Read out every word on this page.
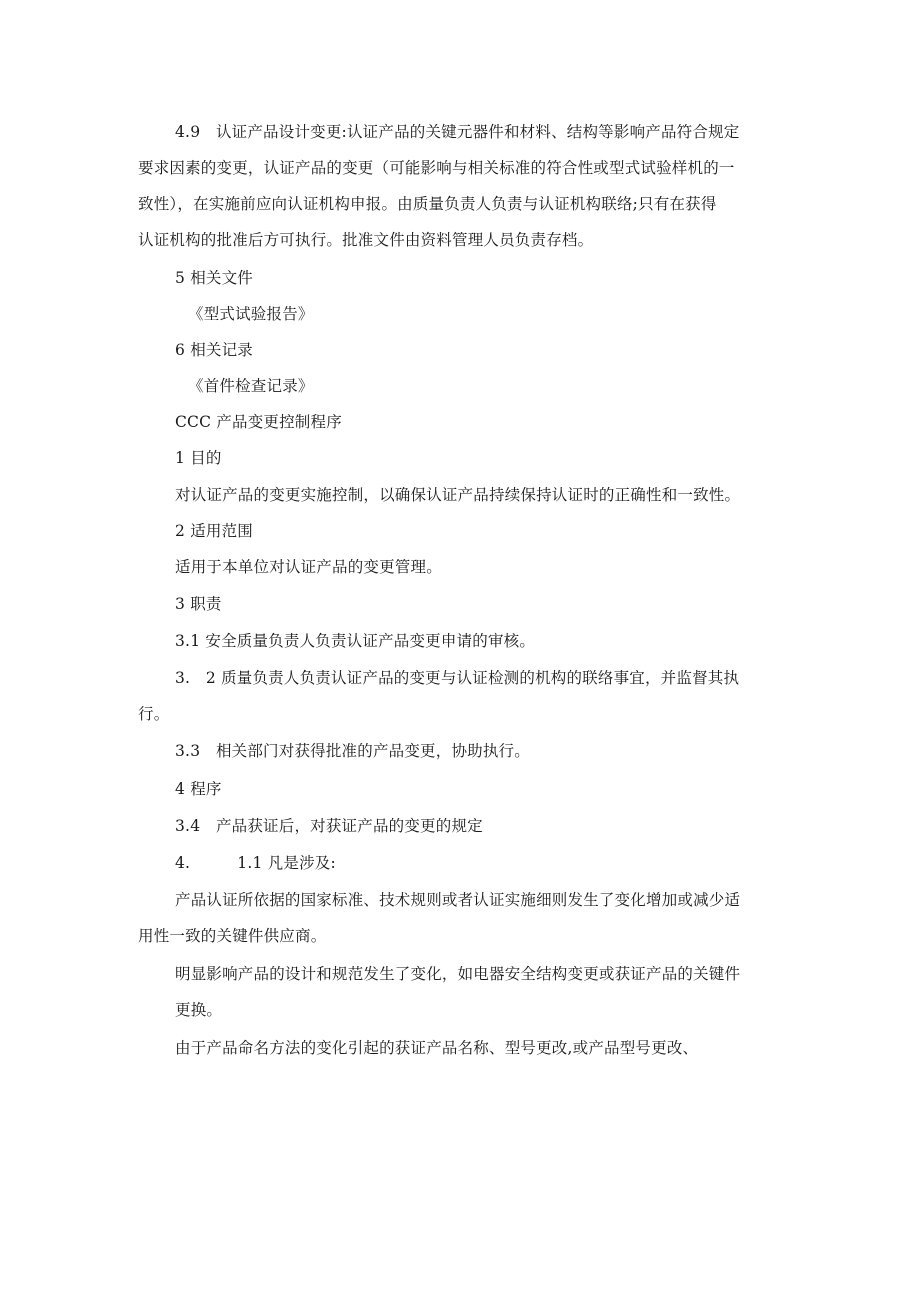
4.9　认证产品设计变更:认证产品的关键元器件和材料、结构等影响产品符合规定
要求因素的变更，认证产品的变更（可能影响与相关标准的符合性或型式试验样机的一
致性），在实施前应向认证机构申报。由质量负责人负责与认证机构联络;只有在获得
认证机构的批准后方可执行。批准文件由资料管理人员负责存档。
5 相关文件
《型式试验报告》
6 相关记录
《首件检查记录》
CCC 产品变更控制程序
1 目的
对认证产品的变更实施控制，以确保认证产品持续保持认证时的正确性和一致性。
2 适用范围
适用于本单位对认证产品的变更管理。
3 职责
3.1 安全质量负责人负责认证产品变更申请的审核。
3.　2 质量负责人负责认证产品的变更与认证检测的机构的联络事宜，并监督其执
行。
3.3　相关部门对获得批准的产品变更，协助执行。
4 程序
3.4　产品获证后，对获证产品的变更的规定
4.　　　1.1 凡是涉及:
产品认证所依据的国家标准、技术规则或者认证实施细则发生了变化增加或减少适
用性一致的关键件供应商。
明显影响产品的设计和规范发生了变化，如电器安全结构变更或获证产品的关键件
更换。
由于产品命名方法的变化引起的获证产品名称、型号更改,或产品型号更改、
